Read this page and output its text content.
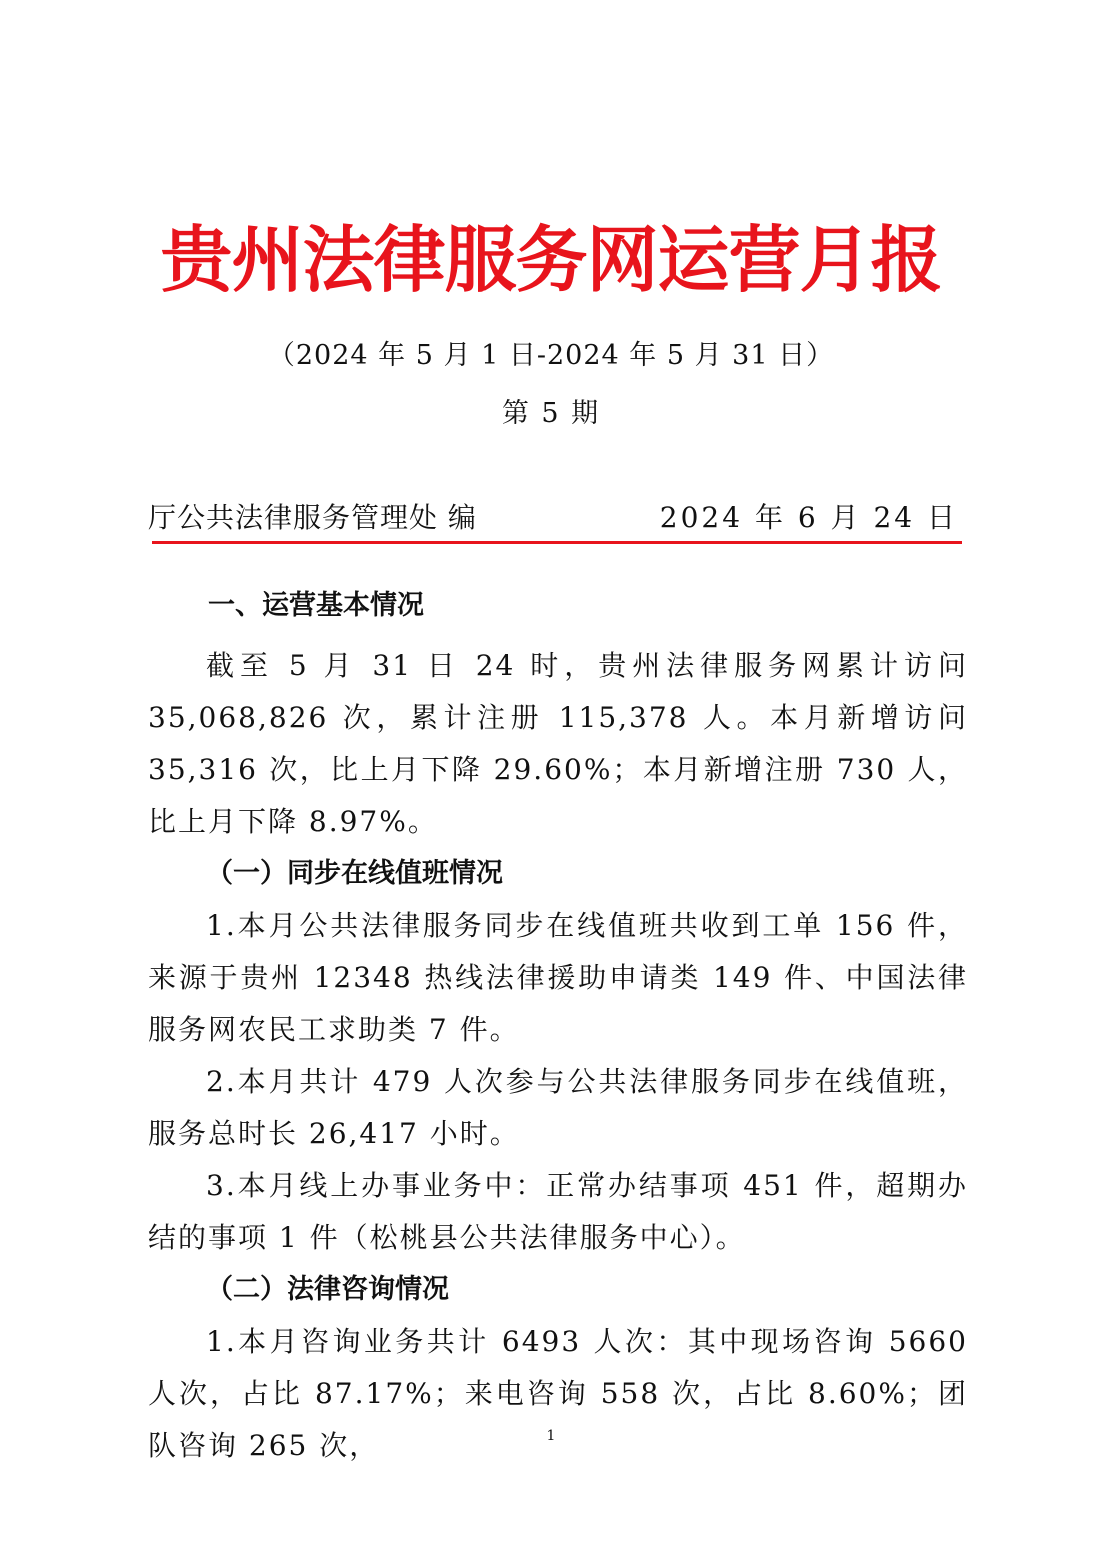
贵州法律服务网运营月报
（2024 年 5 月 1 日-2024 年 5 月 31 日）
第 5 期
厅公共法律服务管理处 编	2024 年 6 月 24 日
一、运营基本情况

截至 5 月 31 日 24 时，贵州法律服务网累计访问 35,068,826 次，累计注册 115,378 人。本月新增访问 35,316 次，比上月下降 29.60%；本月新增注册 730 人，比上月下降 8.97%。

（一）同步在线值班情况

1.本月公共法律服务同步在线值班共收到工单 156 件，来源于贵州 12348 热线法律援助申请类 149 件、中国法律服务网农民工求助类 7 件。

2.本月共计 479 人次参与公共法律服务同步在线值班，服务总时长 26,417 小时。

3.本月线上办事业务中：正常办结事项 451 件，超期办结的事项 1 件（松桃县公共法律服务中心）。

（二）法律咨询情况

1.本月咨询业务共计 6493 人次：其中现场咨询 5660 人次，占比 87.17%；来电咨询 558 次，占比 8.60%；团队咨询 265 次，	1
